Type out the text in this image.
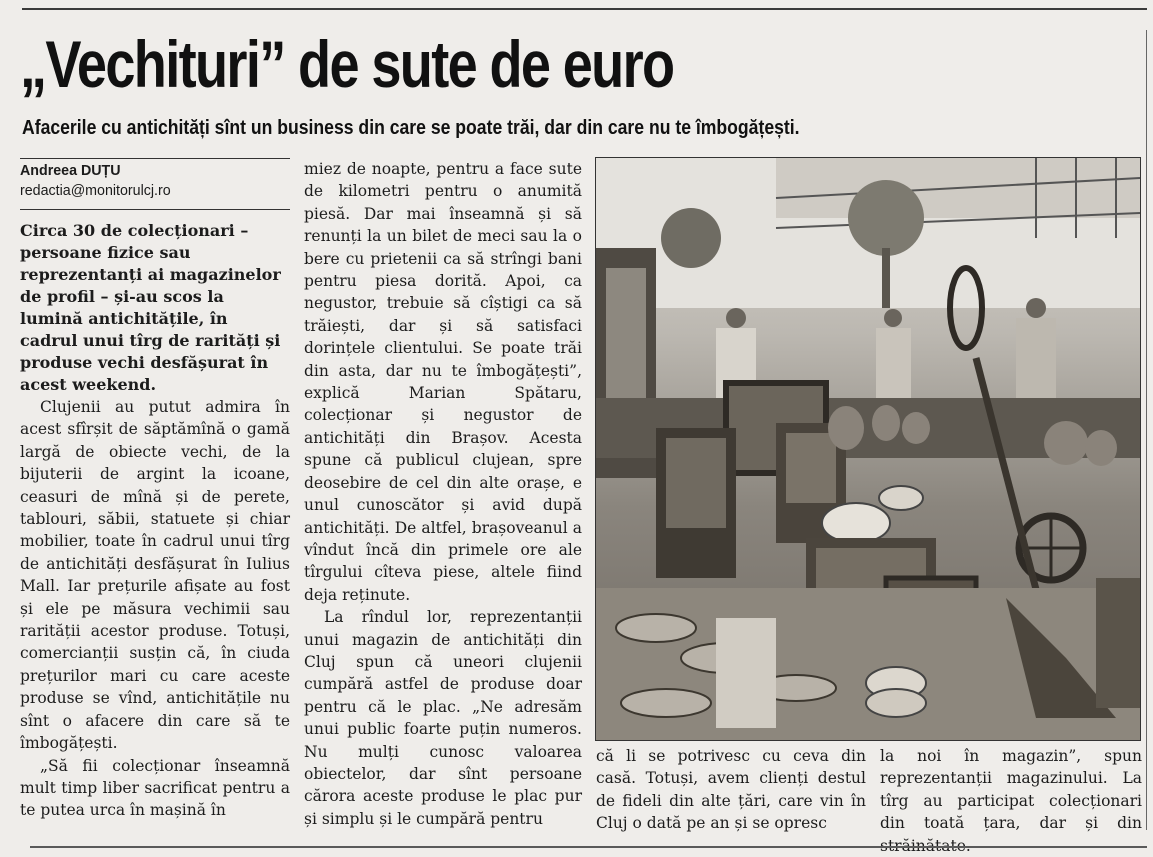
„Vechituri” de sute de euro
Afacerile cu antichități sînt un business din care se poate trăi, dar din care nu te îmbogățești.
Andreea DUȚU
redactia@monitorulcj.ro

Circa 30 de colecționari – persoane fizice sau reprezentanți ai magazinelor de profil – și-au scos la lumină antichitățile, în cadrul unui tîrg de rarități și produse vechi desfășurat în acest weekend.

Clujenii au putut admira în acest sfîrșit de săptămînă o gamă largă de obiecte vechi, de la bijuterii de argint la icoane, ceasuri de mînă și de perete, tablouri, săbii, statuete și chiar mobilier, toate în cadrul unui tîrg de antichități desfășurat în Iulius Mall. Iar prețurile afișate au fost și ele pe măsura vechimii sau rarității acestor produse. Totuși, comercianții susțin că, în ciuda prețurilor mari cu care aceste produse se vînd, antichitățile nu sînt o afacere din care să te îmbogățești.

„Să fii colecționar înseamnă mult timp liber sacrificat pentru a te putea urca în mașină în

miez de noapte, pentru a face sute de kilometri pentru o anumită piesă. Dar mai înseamnă și să renunți la un bilet de meci sau la o bere cu prietenii ca să strîngi bani pentru piesa dorită. Apoi, ca negustor, trebuie să cîștigi ca să trăiești, dar și să satisfaci dorințele clientului. Se poate trăi din asta, dar nu te îmbogățești”, explică Marian Spătaru, colecționar și negustor de antichități din Brașov. Acesta spune că publicul clujean, spre deosebire de cel din alte orașe, e unul cunoscător și avid după antichități. De altfel, brașoveanul a vîndut încă din primele ore ale tîrgului cîteva piese, altele fiind deja reținute.

La rîndul lor, reprezentanții unui magazin de antichități din Cluj spun că uneori clujenii cumpără astfel de produse doar pentru că le plac. „Ne adresăm unui public foarte puțin numeros. Nu mulți cunosc valoarea obiectelor, dar sînt persoane cărora aceste produse le plac pur și simplu și le cumpără pentru

că li se potrivesc cu ceva din casă. Totuși, avem clienți destul de fideli din alte țări, care vin în Cluj o dată pe an și se opresc

la noi în magazin”, spun reprezentanții magazinului. La tîrg au participat colecționari din toată țara, dar și din
